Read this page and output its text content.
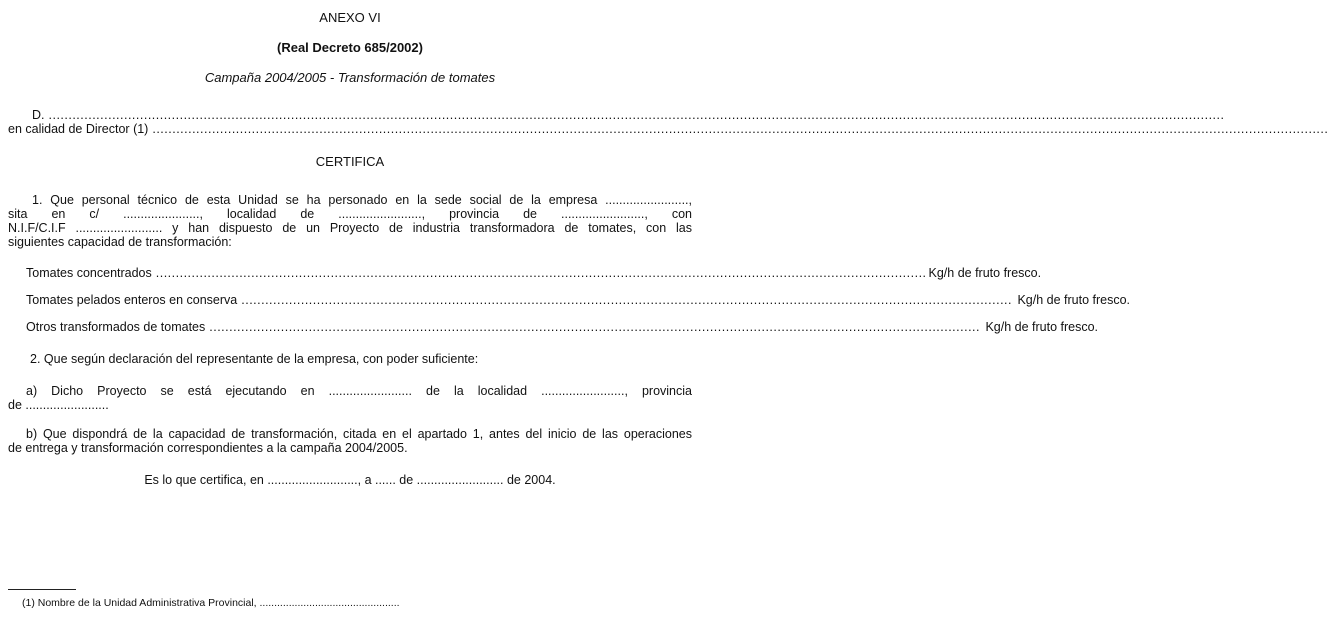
ANEXO VI
(Real Decreto 685/2002)
Campaña 2004/2005 - Transformación de tomates
D. ........................................................................................................................................................................................................................................................................................................
en calidad de Director (1) ........................................................................................................................................................................................................................................................................................................
CERTIFICA
1. Que personal técnico de esta Unidad se ha personado en la sede social de la empresa ........................,
sita en c/ ......................, localidad de ........................, provincia de ........................, con
N.I.F/C.I.F ......................... y han dispuesto de un Proyecto de industria transformadora de tomates, con las
siguientes capacidad de transformación:
Tomates concentrados .................................................................................................................................................................................................. Kg/h de fruto fresco.
Tomates pelados enteros en conserva .................................................................................................................................................................................................. Kg/h de fruto fresco.
Otros transformados de tomates .................................................................................................................................................................................................. Kg/h de fruto fresco.
2. Que según declaración del representante de la empresa, con poder suficiente:
a) Dicho Proyecto se está ejecutando en ........................ de la localidad ........................, provincia
de ........................
b) Que dispondrá de la capacidad de transformación, citada en el apartado 1, antes del inicio de las operaciones
de entrega y transformación correspondientes a la campaña 2004/2005.
Es lo que certifica, en .........................., a ...... de ......................... de 2004.
(1) Nombre de la Unidad Administrativa Provincial, ................................................
